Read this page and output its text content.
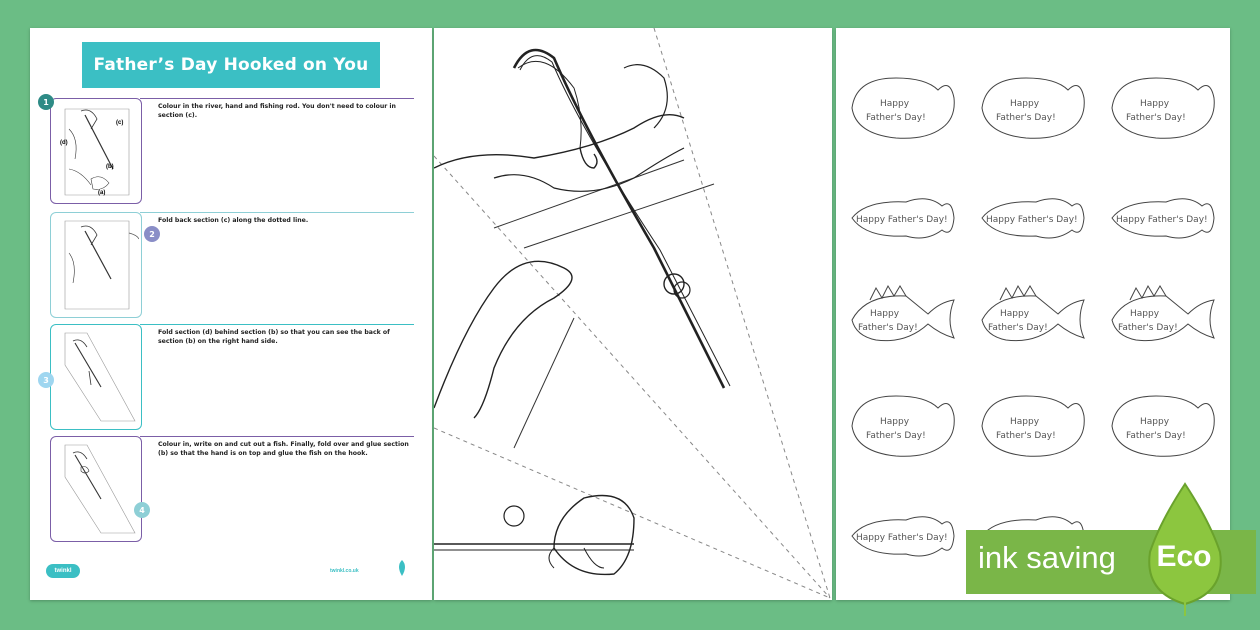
Father’s Day Hooked on You
1
(c)
(d)
(b)
(a)
Colour in the river, hand and fishing rod. You don't need to colour in section (c).
2
Fold back section (c) along the dotted line.
3
Fold section (d) behind section (b) so that you can see the back of section (b) on the right hand side.
4
Colour in, write on and cut out a fish. Finally, fold over and glue section (b) so that the hand is on top and glue the fish on the hook.
twinkl	twinkl.co.uk
Happy
Father's Day!
Happy
Father's Day!
Happy
Father's Day!
Happy Father's Day!	Happy Father's Day!	Happy Father's Day!
Happy
Father's Day!
Happy
Father's Day!
Happy
Father's Day!
Happy
Father's Day!
Happy
Father's Day!
Happy
Father's Day!
Happy Father's Day!
ink saving	Eco
